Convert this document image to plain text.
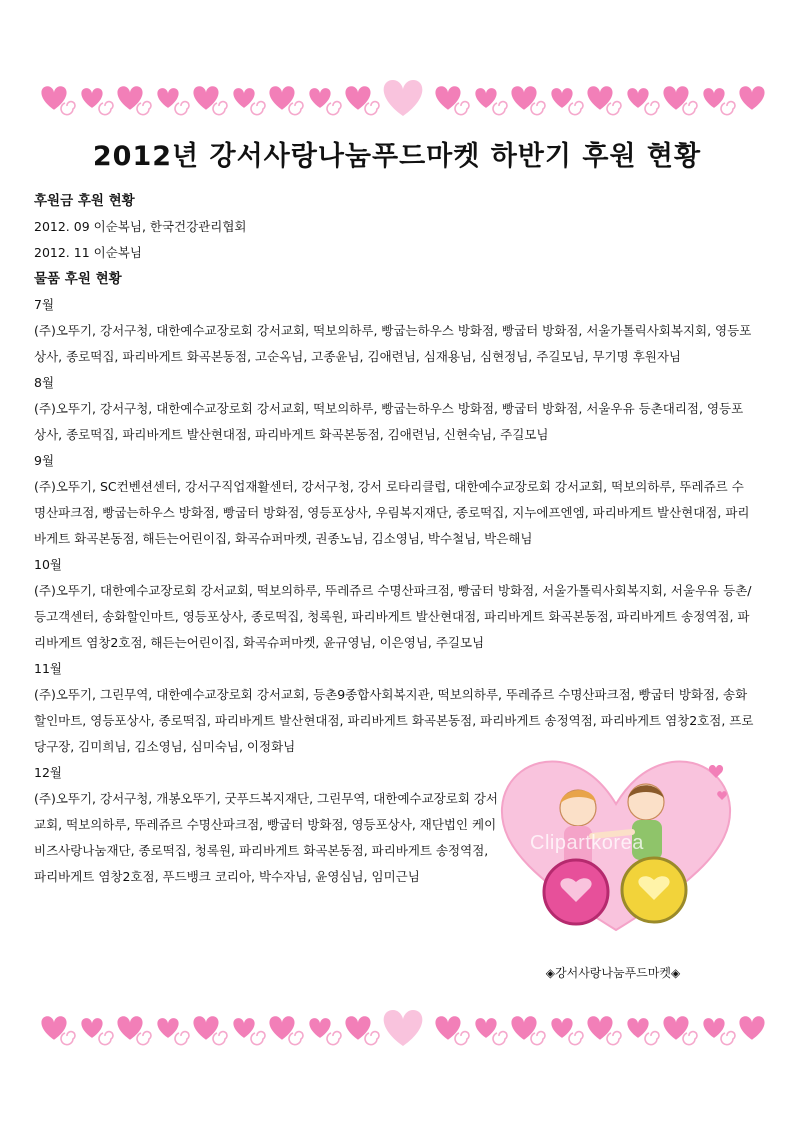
2012년 강서사랑나눔푸드마켓 하반기 후원 현황

후원금 후원 현황

2012. 09 이순복님, 한국건강관리협회

2012. 11 이순복님

물품 후원 현황

7월

(주)오뚜기, 강서구청, 대한예수교장로회 강서교회, 떡보의하루, 빵굽는하우스 방화점, 빵굽터 방화점, 서울가톨릭사회복지회, 영등포상사, 종로떡집, 파리바게트 화곡본동점, 고순옥님, 고종윤님, 김애련님, 심재용님, 심현정님, 주길모님, 무기명 후원자님

8월

(주)오뚜기, 강서구청, 대한예수교장로회 강서교회, 떡보의하루, 빵굽는하우스 방화점, 빵굽터 방화점, 서울우유 등촌대리점, 영등포상사, 종로떡집, 파리바게트 발산현대점, 파리바게트 화곡본동점, 김애련님, 신현숙님, 주길모님

9월

(주)오뚜기, SC컨벤션센터, 강서구직업재활센터, 강서구청, 강서 로타리클럽, 대한예수교장로회 강서교회, 떡보의하루, 뚜레쥬르 수명산파크점, 빵굽는하우스 방화점, 빵굽터 방화점, 영등포상사, 우림복지재단, 종로떡집, 지누에프엔엠, 파리바게트 발산현대점, 파리바게트 화곡본동점, 해든는어린이집, 화곡슈퍼마켓, 권종노님, 김소영님, 박수철님, 박은해님

10월

(주)오뚜기, 대한예수교장로회 강서교회, 떡보의하루, 뚜레쥬르 수명산파크점, 빵굽터 방화점, 서울가톨릭사회복지회, 서울우유 등촌/등고객센터, 송화할인마트, 영등포상사, 종로떡집, 청록원, 파리바게트 발산현대점, 파리바게트 화곡본동점, 파리바게트 송정역점, 파리바게트 염창2호점, 해든는어린이집, 화곡슈퍼마켓, 윤규영님, 이은영님, 주길모님

11월

(주)오뚜기, 그린무역, 대한예수교장로회 강서교회, 등촌9종합사회복지관, 떡보의하루, 뚜레쥬르 수명산파크점, 빵굽터 방화점, 송화할인마트, 영등포상사, 종로떡집, 파리바게트 발산현대점, 파리바게트 화곡본동점, 파리바게트 송정역점, 파리바게트 염창2호점, 프로당구장, 김미희님, 김소영님, 심미숙님, 이정화님

12월

(주)오뚜기, 강서구청, 개봉오뚜기, 굿푸드복지재단, 그린무역, 대한예수교장로회 강서교회, 떡보의하루, 뚜레쥬르 수명산파크점, 빵굽터 방화점, 영등포상사, 재단법인 케이비즈사랑나눔재단, 종로떡집, 청록원, 파리바게트 화곡본동점, 파리바게트 송정역점, 파리바게트 염창2호점, 푸드뱅크 코리아, 박수자님, 윤영심님, 임미근님

Clipartkorea
◈강서사랑나눔푸드마켓◈
